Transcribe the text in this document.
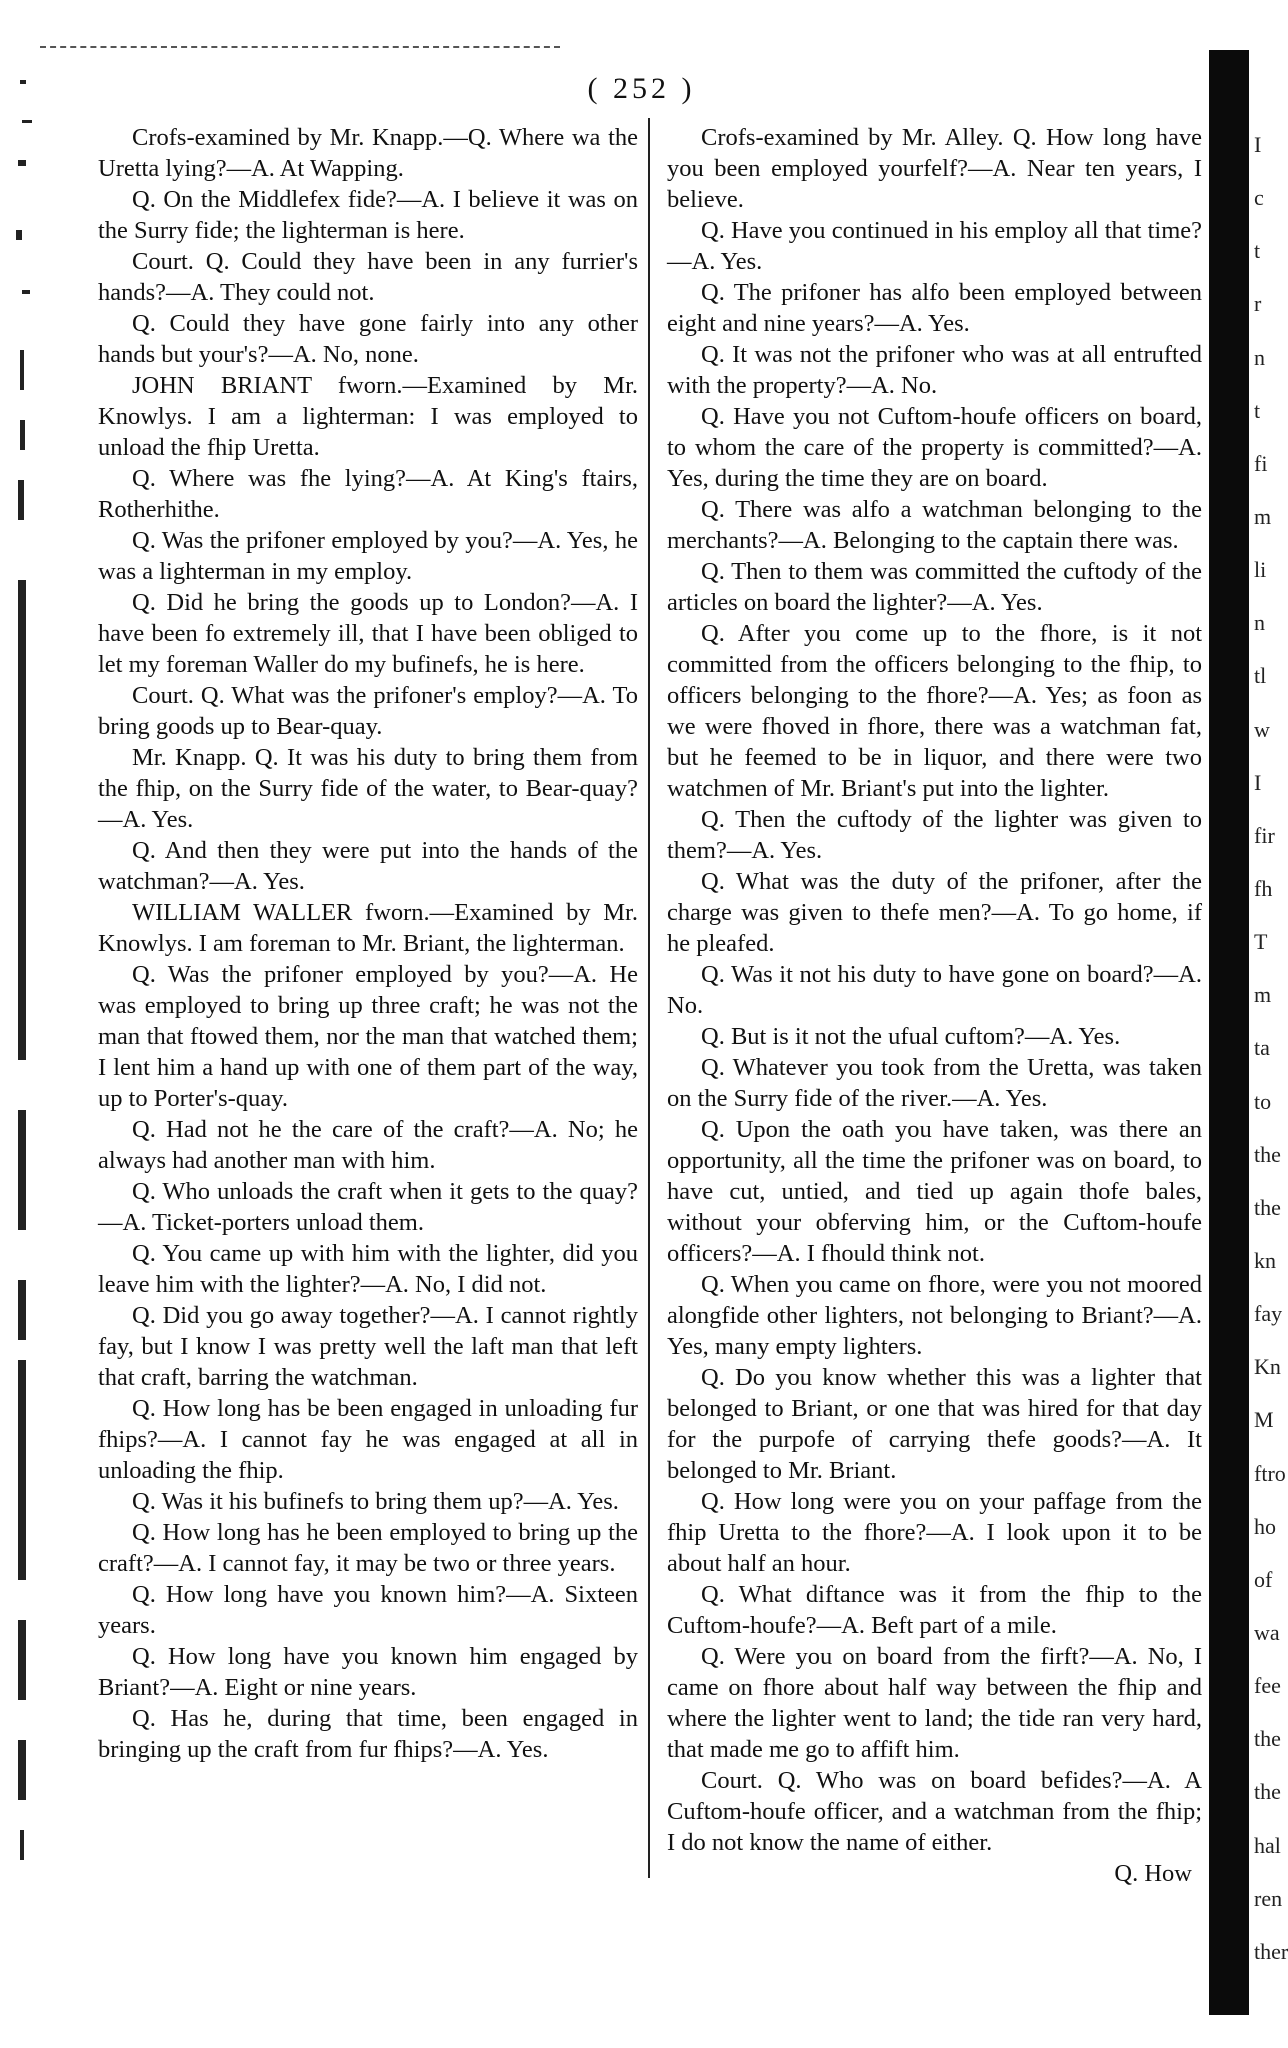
( 252 )

Crofs-examined by Mr. Knapp.—Q. Where wa the Uretta lying?—A. At Wapping.

Q. On the Middlefex fide?—A. I believe it was on the Surry fide; the lighterman is here.

Court. Q. Could they have been in any furrier's hands?—A. They could not.

Q. Could they have gone fairly into any other hands but your's?—A. No, none.

JOHN BRIANT fworn.—Examined by Mr. Knowlys. I am a lighterman: I was employed to unload the fhip Uretta.

Q. Where was fhe lying?—A. At King's ftairs, Rotherhithe.

Q. Was the prifoner employed by you?—A. Yes, he was a lighterman in my employ.

Q. Did he bring the goods up to London?—A. I have been fo extremely ill, that I have been obliged to let my foreman Waller do my bufinefs, he is here.

Court. Q. What was the prifoner's employ?—A. To bring goods up to Bear-quay.

Mr. Knapp. Q. It was his duty to bring them from the fhip, on the Surry fide of the water, to Bear-quay?—A. Yes.

Q. And then they were put into the hands of the watchman?—A. Yes.

WILLIAM WALLER fworn.—Examined by Mr. Knowlys. I am foreman to Mr. Briant, the lighterman.

Q. Was the prifoner employed by you?—A. He was employed to bring up three craft; he was not the man that ftowed them, nor the man that watched them; I lent him a hand up with one of them part of the way, up to Porter's-quay.

Q. Had not he the care of the craft?—A. No; he always had another man with him.

Q. Who unloads the craft when it gets to the quay?—A. Ticket-porters unload them.

Q. You came up with him with the lighter, did you leave him with the lighter?—A. No, I did not.

Q. Did you go away together?—A. I cannot rightly fay, but I know I was pretty well the laft man that left that craft, barring the watchman.

Q. How long has be been engaged in unloading fur fhips?—A. I cannot fay he was engaged at all in unloading the fhip.

Q. Was it his bufinefs to bring them up?—A. Yes.

Q. How long has he been employed to bring up the craft?—A. I cannot fay, it may be two or three years.

Q. How long have you known him?—A. Sixteen years.

Q. How long have you known him engaged by Briant?—A. Eight or nine years.

Q. Has he, during that time, been engaged in bringing up the craft from fur fhips?—A. Yes.

Crofs-examined by Mr. Alley. Q. How long have you been employed yourfelf?—A. Near ten years, I believe.

Q. Have you continued in his employ all that time?—A. Yes.

Q. The prifoner has alfo been employed between eight and nine years?—A. Yes.

Q. It was not the prifoner who was at all entrufted with the property?—A. No.

Q. Have you not Cuftom-houfe officers on board, to whom the care of the property is committed?—A. Yes, during the time they are on board.

Q. There was alfo a watchman belonging to the merchants?—A. Belonging to the captain there was.

Q. Then to them was committed the cuftody of the articles on board the lighter?—A. Yes.

Q. After you come up to the fhore, is it not committed from the officers belonging to the fhip, to officers belonging to the fhore?—A. Yes; as foon as we were fhoved in fhore, there was a watchman fat, but he feemed to be in liquor, and there were two watchmen of Mr. Briant's put into the lighter.

Q. Then the cuftody of the lighter was given to them?—A. Yes.

Q. What was the duty of the prifoner, after the charge was given to thefe men?—A. To go home, if he pleafed.

Q. Was it not his duty to have gone on board?—A. No.

Q. But is it not the ufual cuftom?—A. Yes.

Q. Whatever you took from the Uretta, was taken on the Surry fide of the river.—A. Yes.

Q. Upon the oath you have taken, was there an opportunity, all the time the prifoner was on board, to have cut, untied, and tied up again thofe bales, without your obferving him, or the Cuftom-houfe officers?—A. I fhould think not.

Q. When you came on fhore, were you not moored alongfide other lighters, not belonging to Briant?—A. Yes, many empty lighters.

Q. Do you know whether this was a lighter that belonged to Briant, or one that was hired for that day for the purpofe of carrying thefe goods?—A. It belonged to Mr. Briant.

Q. How long were you on your paffage from the fhip Uretta to the fhore?—A. I look upon it to be about half an hour.

Q. What diftance was it from the fhip to the Cuftom-houfe?—A. Beft part of a mile.

Q. Were you on board from the firft?—A. No, I came on fhore about half way between the fhip and where the lighter went to land; the tide ran very hard, that made me go to affift him.

Court. Q. Who was on board befides?—A. A Cuftom-houfe officer, and a watchman from the fhip; I do not know the name of either.

Q. How
I
c
t
r
n
t
fi
m
li
n
tl
w
I
fir
fh
T
m
ta
to
the
the
kn
fay
Kn
M
ftro
ho
of
wa
fee
the
the
hal
ren
ther
